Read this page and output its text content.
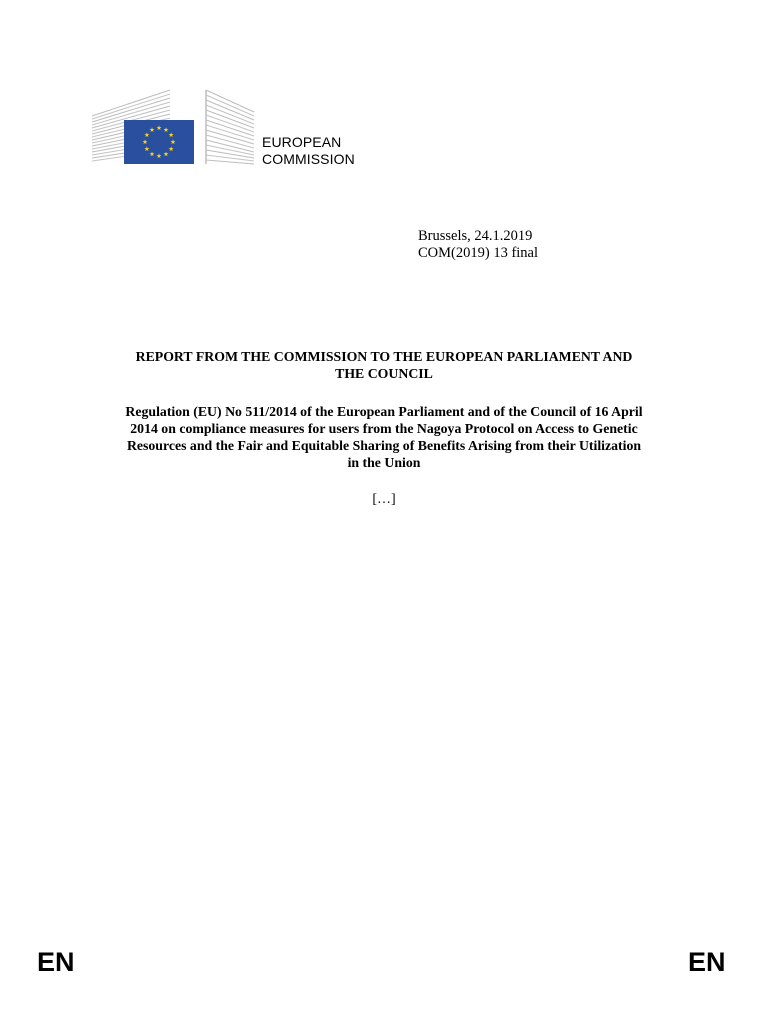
EUROPEAN
COMMISSION
Brussels, 24.1.2019
COM(2019) 13 final
REPORT FROM THE COMMISSION TO THE EUROPEAN PARLIAMENT AND
THE COUNCIL
Regulation (EU) No 511/2014 of the European Parliament and of the Council of 16 April
2014 on compliance measures for users from the Nagoya Protocol on Access to Genetic
Resources and the Fair and Equitable Sharing of Benefits Arising from their Utilization
in the Union
[…]
EN	EN
